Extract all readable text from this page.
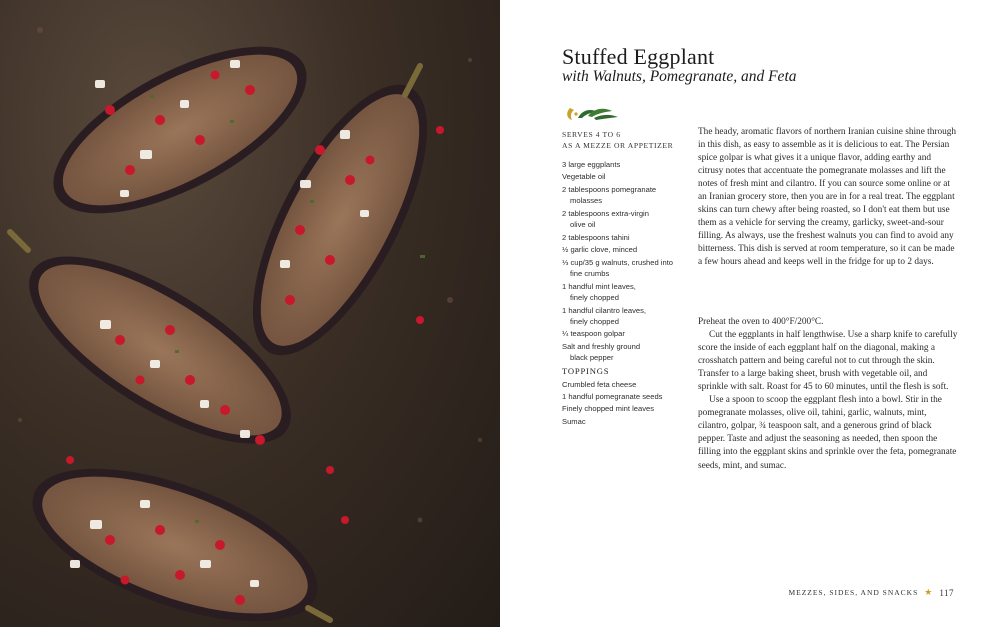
Stuffed Eggplant
with Walnuts, Pomegranate, and Feta
SERVES 4 TO 6
AS A MEZZE OR APPETIZER
3 large eggplants
Vegetable oil
2 tablespoons pomegranate
molasses
2 tablespoons extra-virgin
olive oil
2 tablespoons tahini
½ garlic clove, minced
⅓ cup/35 g walnuts, crushed into
fine crumbs
1 handful mint leaves,
finely chopped
1 handful cilantro leaves,
finely chopped
¼ teaspoon golpar
Salt and freshly ground
black pepper
TOPPINGS
Crumbled feta cheese
1 handful pomegranate seeds
Finely chopped mint leaves
Sumac

The heady, aromatic flavors of northern Iranian cuisine shine through in this dish, as easy to assemble as it is delicious to eat. The Persian spice golpar is what gives it a unique flavor, adding earthy and citrusy notes that accentuate the pomegranate molasses and lift the notes of fresh mint and cilantro. If you can source some online or at an Iranian grocery store, then you are in for a real treat. The eggplant skins can turn chewy after being roasted, so I don't eat them but use them as a vehicle for serving the creamy, garlicky, sweet-and-sour filling. As always, use the freshest walnuts you can find to avoid any bitterness. This dish is served at room temperature, so it can be made a few hours ahead and keeps well in the fridge for up to 2 days.

Preheat the oven to 400°F/200°C.

Cut the eggplants in half lengthwise. Use a sharp knife to carefully score the inside of each eggplant half on the diagonal, making a crosshatch pattern and being careful not to cut through the skin. Transfer to a large baking sheet, brush with vegetable oil, and sprinkle with salt. Roast for 45 to 60 minutes, until the flesh is soft.

Use a spoon to scoop the eggplant flesh into a bowl. Stir in the pomegranate molasses, olive oil, tahini, garlic, walnuts, mint, cilantro, golpar, ¾ teaspoon salt, and a generous grind of black pepper. Taste and adjust the seasoning as needed, then spoon the filling into the eggplant skins and sprinkle over the feta, pomegranate seeds, mint, and sumac.

MEZZES, SIDES, AND SNACKS ★ 117
